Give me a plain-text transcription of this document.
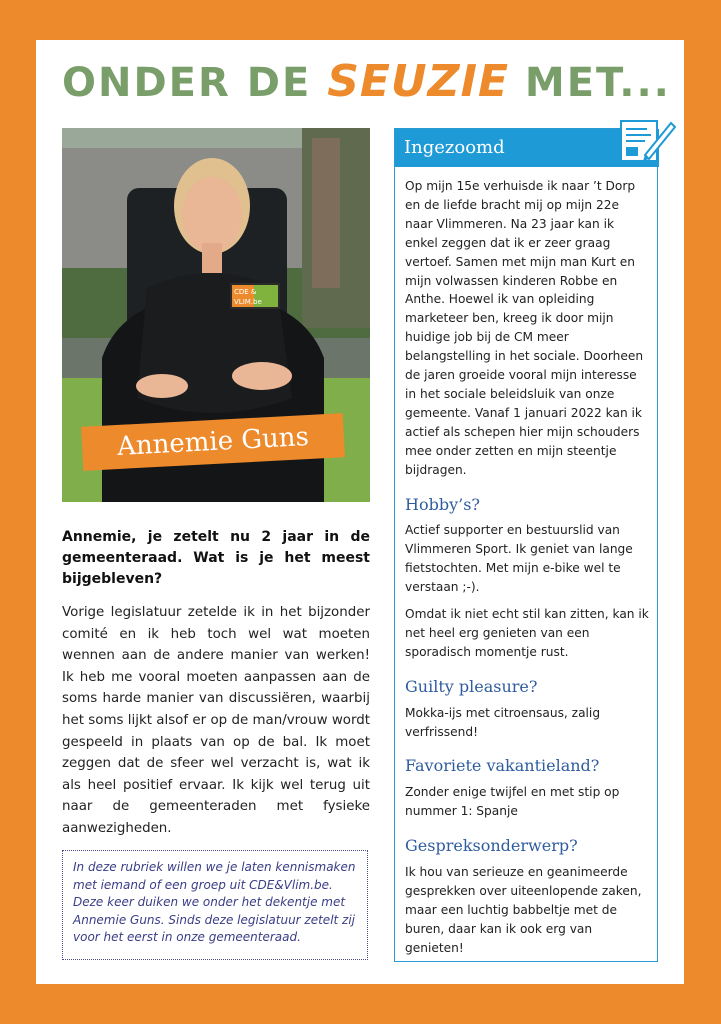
ONDER DE SEUZIE MET...
CDE &
VLIM.be
Annemie Guns
Annemie, je zetelt nu 2 jaar in de gemeenteraad. Wat is je het meest bijgebleven?
Vorige legislatuur zetelde ik in het bijzonder comité en ik heb toch wel wat moeten wennen aan de andere manier van werken! Ik heb me vooral moeten aanpassen aan de soms harde manier van discussiëren, waarbij het soms lijkt alsof er op de man/vrouw wordt gespeeld in plaats van op de bal. Ik moet zeggen dat de sfeer wel verzacht is, wat ik als heel positief ervaar. Ik kijk wel terug uit naar de gemeenteraden met fysieke aanwezigheden.
In deze rubriek willen we je laten kennismaken met iemand of een groep uit CDE&Vlim.be. Deze keer duiken we onder het dekentje met Annemie Guns. Sinds deze legislatuur zetelt zij voor het eerst in onze gemeenteraad.
Ingezoomd

Op mijn 15e verhuisde ik naar ’t Dorp en de liefde bracht mij op mijn 22e naar Vlimmeren. Na 23 jaar kan ik enkel zeggen dat ik er zeer graag vertoef. Samen met mijn man Kurt en mijn volwassen kinderen Robbe en Anthe. Hoewel ik van opleiding marketeer ben, kreeg ik door mijn huidige job bij de CM meer belangstelling in het sociale. Doorheen de jaren groeide vooral mijn interesse in het sociale beleidsluik van onze gemeente. Vanaf 1 januari 2022 kan ik actief als schepen hier mijn schouders mee onder zetten en mijn steentje bijdragen.

Hobby’s?

Actief supporter en bestuurslid van Vlimmeren Sport. Ik geniet van lange fietstochten. Met mijn e-bike wel te verstaan ;-).

Omdat ik niet echt stil kan zitten, kan ik net heel erg genieten van een sporadisch momentje rust.

Guilty pleasure?

Mokka-ijs met citroensaus, zalig verfrissend!

Favoriete vakantieland?

Zonder enige twijfel en met stip op nummer 1: Spanje

Gespreksonderwerp?

Ik hou van serieuze en geanimeerde gesprekken over uiteenlopende zaken, maar een luchtig babbeltje met de buren, daar kan ik ook erg van genieten!
